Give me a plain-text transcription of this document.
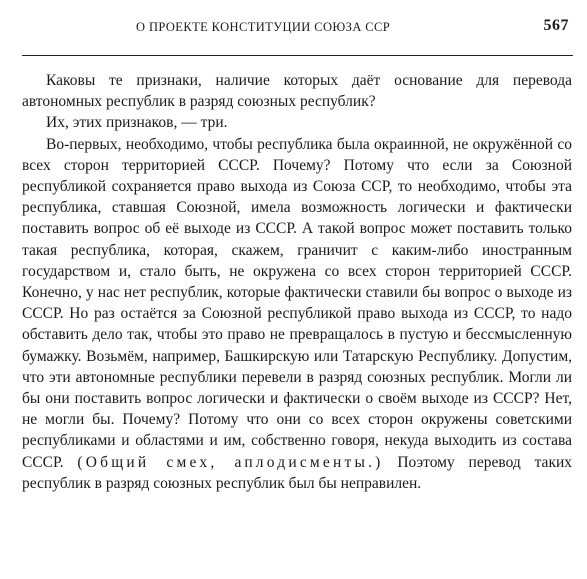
О ПРОЕКТЕ КОНСТИТУЦИИ СОЮЗА ССР	567

Каковы те признаки, наличие которых даёт основание для перевода автономных республик в разряд союзных республик?

Их, этих признаков, — три.

Во-первых, необходимо, чтобы республика была окраинной, не окружённой со всех сторон территорией СССР. Почему? Потому что если за Союзной республикой сохраняется право выхода из Союза ССР, то необходимо, чтобы эта республика, ставшая Союзной, имела возможность логически и фактически поставить вопрос об её выходе из СССР. А такой вопрос может поставить только такая республика, которая, скажем, граничит с каким-либо иностранным государством и, стало быть, не окружена со всех сторон территорией СССР. Конечно, у нас нет республик, которые фактически ставили бы вопрос о выходе из СССР. Но раз остаётся за Союзной республикой право выхода из СССР, то надо обставить дело так, чтобы это право не превращалось в пустую и бессмысленную бумажку. Возьмём, например, Башкирскую или Татарскую Республику. Допустим, что эти автономные республики перевели в разряд союзных республик. Могли ли бы они поставить вопрос логически и фактически о своём выходе из СССР? Нет, не могли бы. Почему? Потому что они со всех сторон окружены советскими республиками и областями и им, собственно говоря, некуда выходить из состава СССР. (Общий смех, аплодисменты.) Поэтому перевод таких республик в разряд союзных республик был бы неправилен.
